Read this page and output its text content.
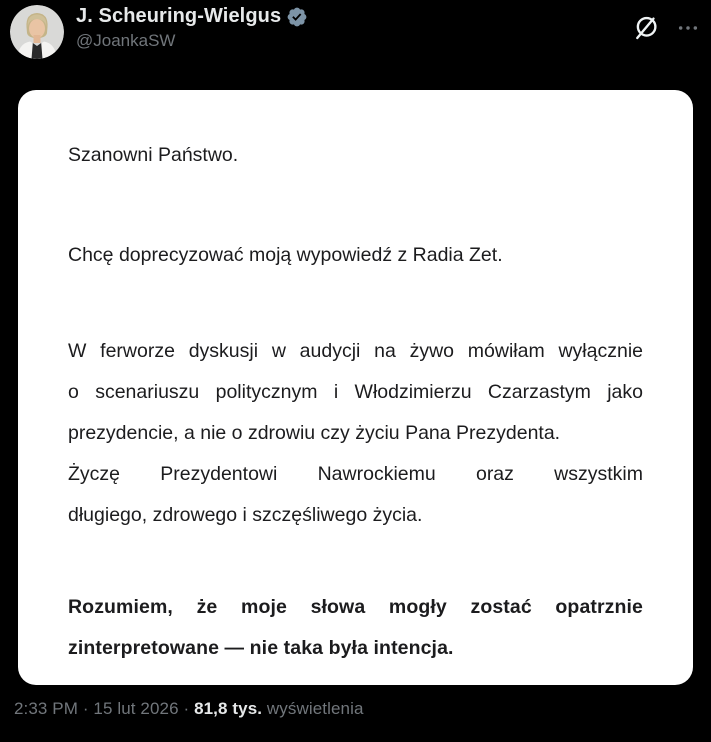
J. Scheuring-Wielgus
@JoankaSW

Szanowni Państwo.

Chcę doprecyzować moją wypowiedź z Radia Zet.

W ferworze dyskusji w audycji na żywo mówiłam wyłącznie
o scenariuszu politycznym i Włodzimierzu Czarzastym jako
prezydencie, a nie o zdrowiu czy życiu Pana Prezydenta.

Życzę Prezydentowi Nawrockiemu oraz wszystkim
długiego, zdrowego i szczęśliwego życia.

Rozumiem, że moje słowa mogły zostać opatrznie
zinterpretowane — nie taka była intencja.

2:33 PM · 15 lut 2026 · 81,8 tys. wyświetlenia
